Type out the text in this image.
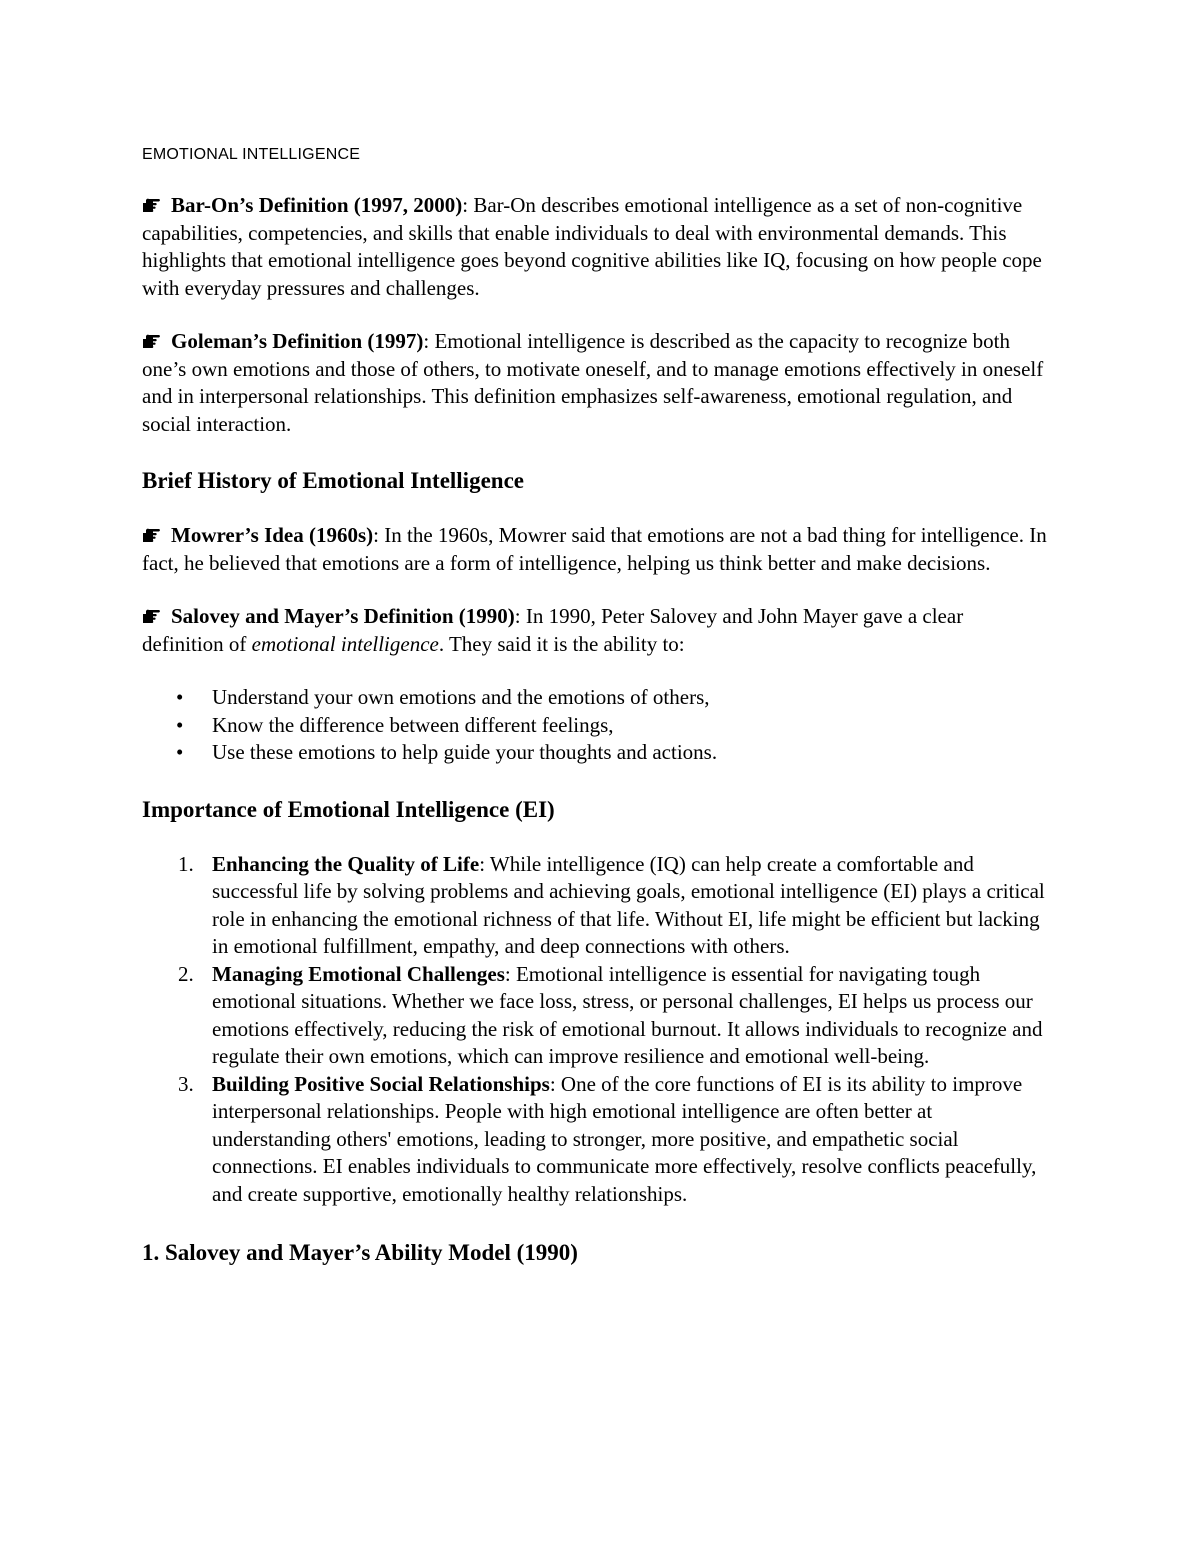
EMOTIONAL INTELLIGENCE

Bar-On’s Definition (1997, 2000): Bar-On describes emotional intelligence as a set of non-cognitive capabilities, competencies, and skills that enable individuals to deal with environmental demands. This highlights that emotional intelligence goes beyond cognitive abilities like IQ, focusing on how people cope with everyday pressures and challenges.

Goleman’s Definition (1997): Emotional intelligence is described as the capacity to recognize both one’s own emotions and those of others, to motivate oneself, and to manage emotions effectively in oneself and in interpersonal relationships. This definition emphasizes self-awareness, emotional regulation, and social interaction.

Brief History of Emotional Intelligence

Mowrer’s Idea (1960s): In the 1960s, Mowrer said that emotions are not a bad thing for intelligence. In fact, he believed that emotions are a form of intelligence, helping us think better and make decisions.

Salovey and Mayer’s Definition (1990): In 1990, Peter Salovey and John Mayer gave a clear definition of emotional intelligence. They said it is the ability to:

• Understand your own emotions and the emotions of others,
• Know the difference between different feelings,
• Use these emotions to help guide your thoughts and actions.
Importance of Emotional Intelligence (EI)
1. Enhancing the Quality of Life: While intelligence (IQ) can help create a comfortable and successful life by solving problems and achieving goals, emotional intelligence (EI) plays a critical role in enhancing the emotional richness of that life. Without EI, life might be efficient but lacking in emotional fulfillment, empathy, and deep connections with others.
2. Managing Emotional Challenges: Emotional intelligence is essential for navigating tough emotional situations. Whether we face loss, stress, or personal challenges, EI helps us process our emotions effectively, reducing the risk of emotional burnout. It allows individuals to recognize and regulate their own emotions, which can improve resilience and emotional well-being.
3. Building Positive Social Relationships: One of the core functions of EI is its ability to improve interpersonal relationships. People with high emotional intelligence are often better at understanding others' emotions, leading to stronger, more positive, and empathetic social connections. EI enables individuals to communicate more effectively, resolve conflicts peacefully, and create supportive, emotionally healthy relationships.
1. Salovey and Mayer’s Ability Model (1990)
